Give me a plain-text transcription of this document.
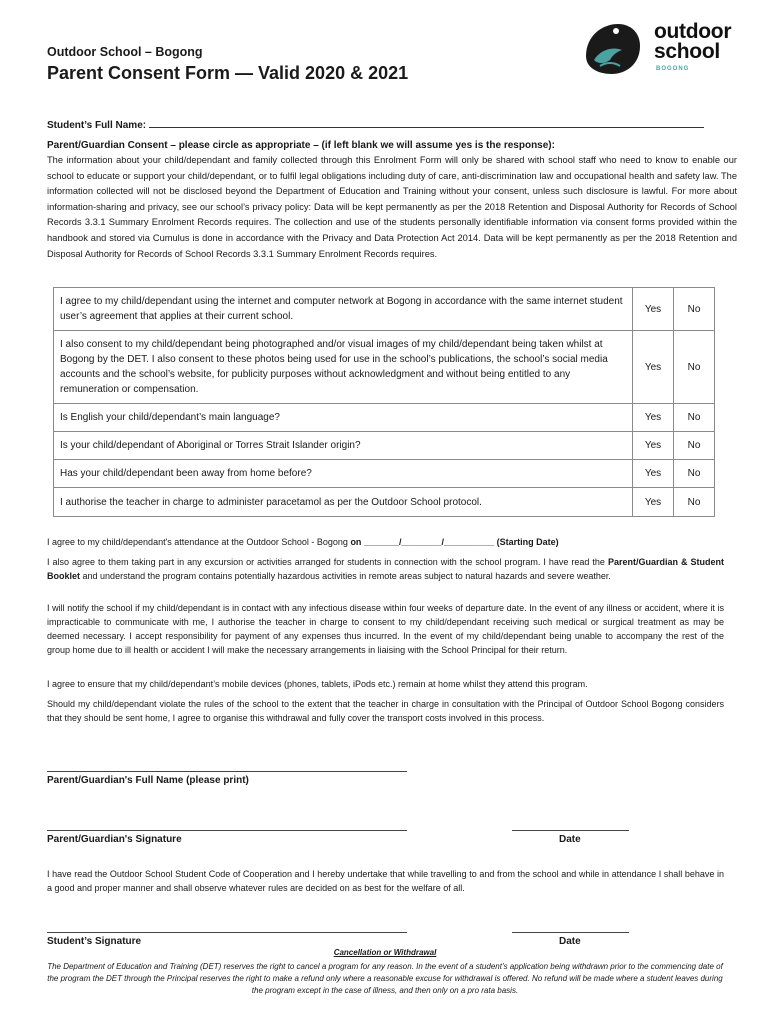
Outdoor School – Bogong
Parent Consent Form — Valid 2020 & 2021
outdoor
school
BOGONG
Student’s Full Name:
Parent/Guardian Consent – please circle as appropriate – (if left blank we will assume yes is the response):
The information about your child/dependant and family collected through this Enrolment Form will only be shared with school staff who need to know to enable our school to educate or support your child/dependant, or to fulfil legal obligations including duty of care, anti-discrimination law and occupational health and safety law. The information collected will not be disclosed beyond the Department of Education and Training without your consent, unless such disclosure is lawful. For more about information-sharing and privacy, see our school’s privacy policy: Data will be kept permanently as per the 2018 Retention and Disposal Authority for Records of School Records 3.3.1 Summary Enrolment Records requires. The collection and use of the students personally identifiable information via consent forms provided within the handbook and stored via Cumulus is done in accordance with the Privacy and Data Protection Act 2014. Data will be kept permanently as per the 2018 Retention and Disposal Authority for Records of School Records 3.3.1 Summary Enrolment Records requires.
I agree to my child/dependant using the internet and computer network at Bogong in accordance with the same internet student user’s agreement that applies at their current school.	Yes	No
I also consent to my child/dependant being photographed and/or visual images of my child/dependant being taken whilst at Bogong by the DET. I also consent to these photos being used for use in the school’s publications, the school’s social media accounts and the school’s website, for publicity purposes without acknowledgment and without being entitled to any remuneration or compensation.	Yes	No
Is English your child/dependant’s main language?	Yes	No
Is your child/dependant of Aboriginal or Torres Strait Islander origin?	Yes	No
Has your child/dependant been away from home before?	Yes	No
I authorise the teacher in charge to administer paracetamol as per the Outdoor School protocol.	Yes	No
I agree to my child/dependant's attendance at the Outdoor School - Bogong on _______/________/__________ (Starting Date)
I also agree to them taking part in any excursion or activities arranged for students in connection with the school program. I have read the Parent/Guardian & Student Booklet and understand the program contains potentially hazardous activities in remote areas subject to natural hazards and severe weather.
I will notify the school if my child/dependant is in contact with any infectious disease within four weeks of departure date. In the event of any illness or accident, where it is impracticable to communicate with me, I authorise the teacher in charge to consent to my child/dependant receiving such medical or surgical treatment as may be deemed necessary. I accept responsibility for payment of any expenses thus incurred. In the event of my child/dependant being unable to accompany the rest of the group home due to ill health or accident I will make the necessary arrangements in liaising with the School Principal for their return.
I agree to ensure that my child/dependant’s mobile devices (phones, tablets, iPods etc.) remain at home whilst they attend this program.
Should my child/dependant violate the rules of the school to the extent that the teacher in charge in consultation with the Principal of Outdoor School Bogong considers that they should be sent home, I agree to organise this withdrawal and fully cover the transport costs involved in this process.
Parent/Guardian's Full Name (please print)
Parent/Guardian's Signature	Date
I have read the Outdoor School Student Code of Cooperation and I hereby undertake that while travelling to and from the school and while in attendance I shall behave in a good and proper manner and shall observe whatever rules are decided on as best for the welfare of all.
Student’s Signature	Date
Cancellation or Withdrawal
The Department of Education and Training (DET) reserves the right to cancel a program for any reason. In the event of a student’s application being withdrawn prior to the commencing date of the program the DET through the Principal reserves the right to make a refund only where a reasonable excuse for withdrawal is offered. No refund will be made where a student leaves during the program except in the case of illness, and then only on a pro rata basis.
